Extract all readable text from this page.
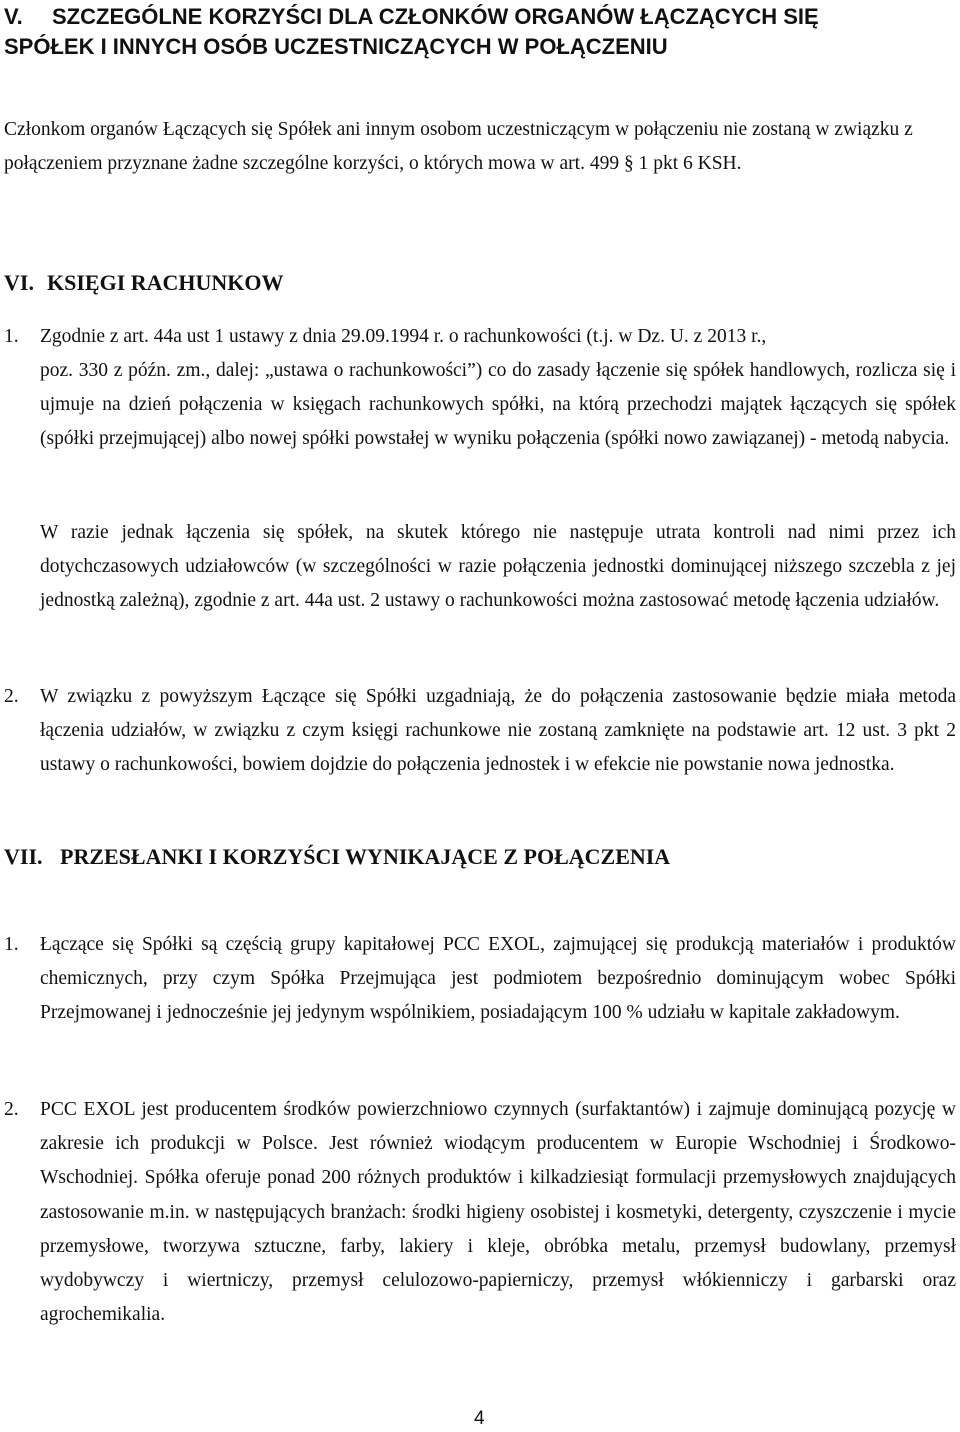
V. SZCZEGÓLNE KORZYŚCI DLA CZŁONKÓW ORGANÓW ŁĄCZĄCYCH SIĘ
SPÓŁEK I INNYCH OSÓB UCZESTNICZĄCYCH W POŁĄCZENIU

Członkom organów Łączących się Spółek ani innym osobom uczestniczącym w połączeniu nie zostaną w związku z połączeniem przyznane żadne szczególne korzyści, o których mowa w art. 499 § 1 pkt 6 KSH.

VI. KSIĘGI RACHUNKOW
1. Zgodnie z art. 44a ust 1 ustawy z dnia 29.09.1994 r. o rachunkowości (t.j. w Dz. U. z 2013 r.,

poz. 330 z późn. zm., dalej: „ustawa o rachunkowości”) co do zasady łączenie się spółek handlowych, rozlicza się i ujmuje na dzień połączenia w księgach rachunkowych spółki, na którą przechodzi majątek łączących się spółek (spółki przejmującej) albo nowej spółki powstałej w wyniku połączenia (spółki nowo zawiązanej) - metodą nabycia.

W razie jednak łączenia się spółek, na skutek którego nie następuje utrata kontroli nad nimi przez ich dotychczasowych udziałowców (w szczególności w razie połączenia jednostki dominującej niższego szczebla z jej jednostką zależną), zgodnie z art. 44a ust. 2 ustawy o rachunkowości można zastosować metodę łączenia udziałów.

2. W związku z powyższym Łączące się Spółki uzgadniają, że do połączenia zastosowanie będzie miała metoda łączenia udziałów, w związku z czym księgi rachunkowe nie zostaną zamknięte na podstawie art. 12 ust. 3 pkt 2 ustawy o rachunkowości, bowiem dojdzie do połączenia jednostek i w efekcie nie powstanie nowa jednostka.

VII. PRZESŁANKI I KORZYŚCI WYNIKAJĄCE Z POŁĄCZENIA
1. Łączące się Spółki są częścią grupy kapitałowej PCC EXOL, zajmującej się produkcją materiałów i produktów chemicznych, przy czym Spółka Przejmująca jest podmiotem bezpośrednio dominującym wobec Spółki Przejmowanej i jednocześnie jej jedynym wspólnikiem, posiadającym 100 % udziału w kapitale zakładowym.

2. PCC EXOL jest producentem środków powierzchniowo czynnych (surfaktantów) i zajmuje dominującą pozycję w zakresie ich produkcji w Polsce. Jest również wiodącym producentem w Europie Wschodniej i Środkowo-Wschodniej. Spółka oferuje ponad 200 różnych produktów i kilkadziesiąt formulacji przemysłowych znajdujących zastosowanie m.in. w następujących branżach: środki higieny osobistej i kosmetyki, detergenty, czyszczenie i mycie przemysłowe, tworzywa sztuczne, farby, lakiery i kleje, obróbka metalu, przemysł budowlany, przemysł wydobywczy i wiertniczy, przemysł celulozowo-papierniczy, przemysł włókienniczy i garbarski oraz agrochemikalia.

4
